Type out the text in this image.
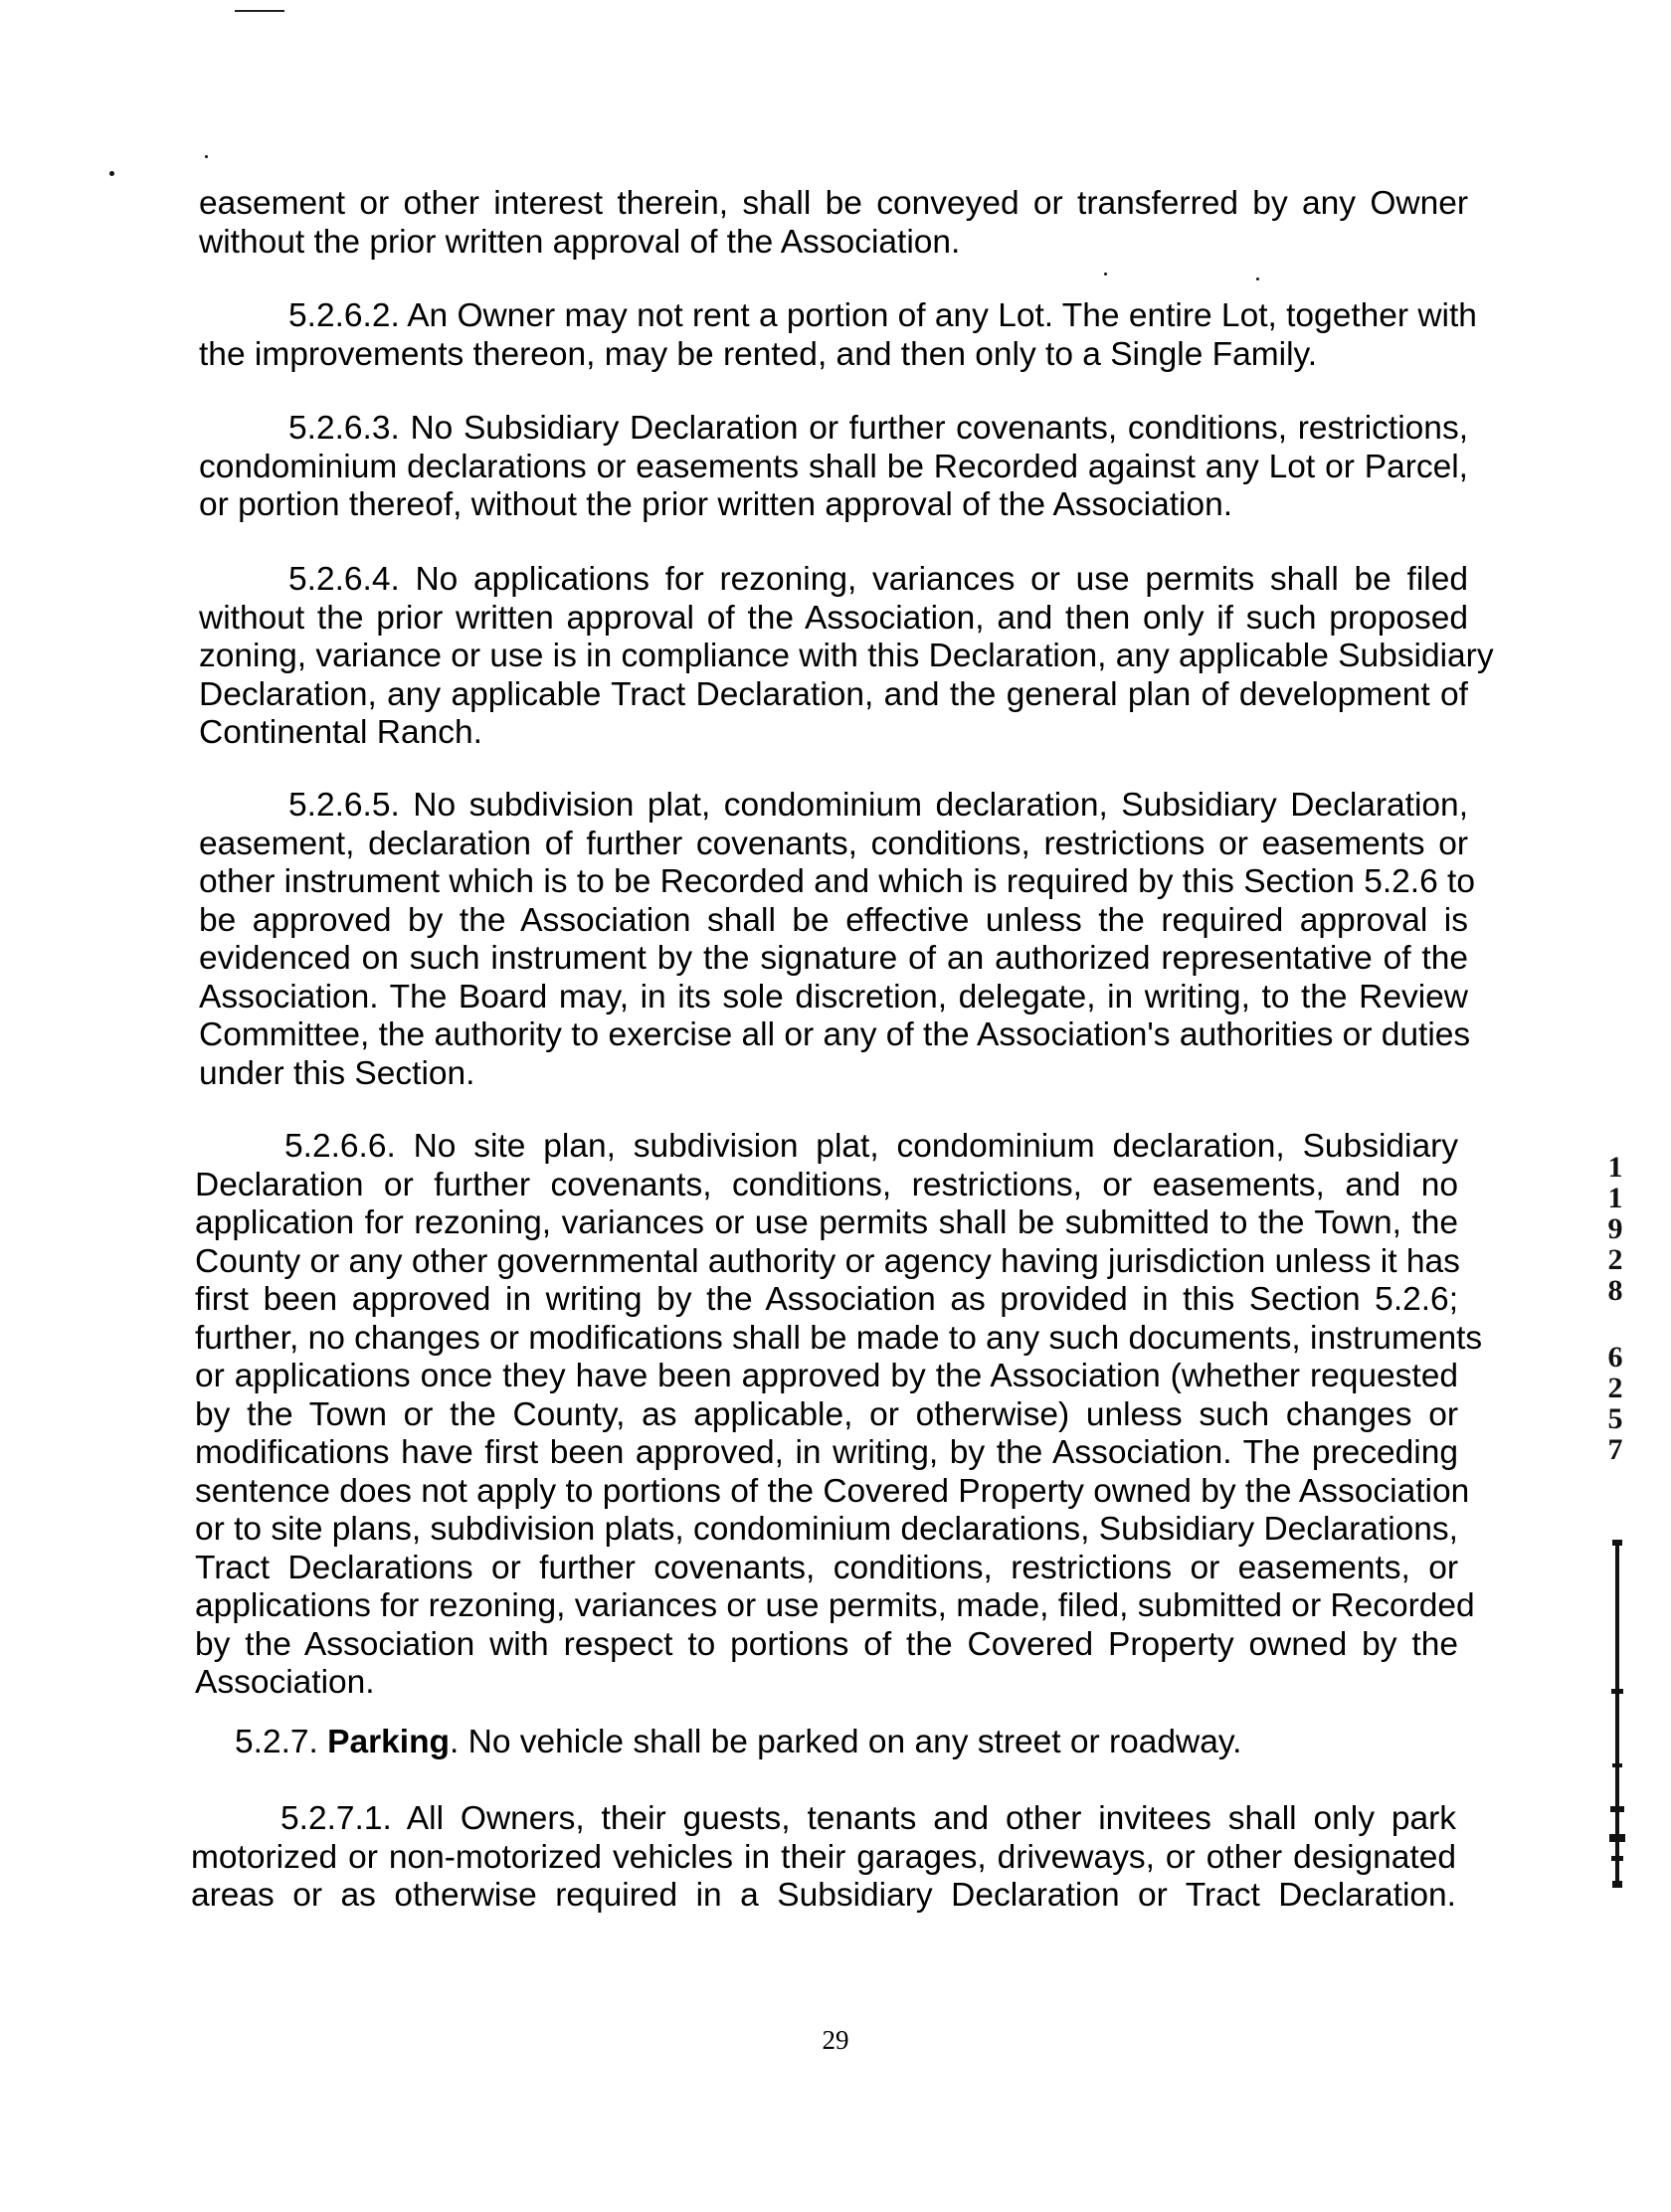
easement or other interest therein, shall be conveyed or transferred by any Owner
without the prior written approval of the Association.
5.2.6.2. An Owner may not rent a portion of any Lot. The entire Lot, together with
the improvements thereon, may be rented, and then only to a Single Family.
5.2.6.3. No Subsidiary Declaration or further covenants, conditions, restrictions,
condominium declarations or easements shall be Recorded against any Lot or Parcel,
or portion thereof, without the prior written approval of the Association.
5.2.6.4. No applications for rezoning, variances or use permits shall be filed
without the prior written approval of the Association, and then only if such proposed
zoning, variance or use is in compliance with this Declaration, any applicable Subsidiary
Declaration, any applicable Tract Declaration, and the general plan of development of
Continental Ranch.
5.2.6.5. No subdivision plat, condominium declaration, Subsidiary Declaration,
easement, declaration of further covenants, conditions, restrictions or easements or
other instrument which is to be Recorded and which is required by this Section 5.2.6 to
be approved by the Association shall be effective unless the required approval is
evidenced on such instrument by the signature of an authorized representative of the
Association. The Board may, in its sole discretion, delegate, in writing, to the Review
Committee, the authority to exercise all or any of the Association's authorities or duties
under this Section.
5.2.6.6. No site plan, subdivision plat, condominium declaration, Subsidiary
Declaration or further covenants, conditions, restrictions, or easements, and no
application for rezoning, variances or use permits shall be submitted to the Town, the
County or any other governmental authority or agency having jurisdiction unless it has
first been approved in writing by the Association as provided in this Section 5.2.6;
further, no changes or modifications shall be made to any such documents, instruments
or applications once they have been approved by the Association (whether requested
by the Town or the County, as applicable, or otherwise) unless such changes or
modifications have first been approved, in writing, by the Association. The preceding
sentence does not apply to portions of the Covered Property owned by the Association
or to site plans, subdivision plats, condominium declarations, Subsidiary Declarations,
Tract Declarations or further covenants, conditions, restrictions or easements, or
applications for rezoning, variances or use permits, made, filed, submitted or Recorded
by the Association with respect to portions of the Covered Property owned by the
Association.
5.2.7. Parking. No vehicle shall be parked on any street or roadway.
5.2.7.1. All Owners, their guests, tenants and other invitees shall only park
motorized or non-motorized vehicles in their garages, driveways, or other designated
areas or as otherwise required in a Subsidiary Declaration or Tract Declaration.
1
1
9
2
8
6
2
5
7
29
